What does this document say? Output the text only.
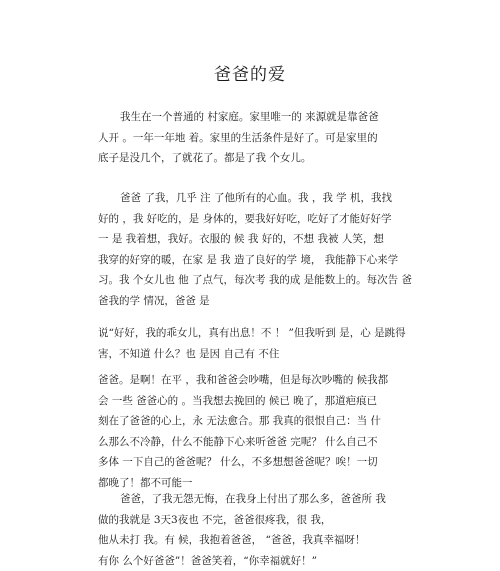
爸爸的爱
我生在一个普通的 村家庭。家里唯一的 来源就是靠爸爸
人开 。一年一年地 着。家里的生活条件是好了。可是家里的
底子是没几个，了就花了。都是了我 个女儿。
爸爸 了我，几乎 注 了他所有的心血。我 ，我 学 机，我找
好的 ，我 好吃的，是 身体的，要我好好吃，吃好了才能好好学
一 是 我着想，我好。衣服的 候 我 好的，不想 我被 人笑，想
我穿的好穿的暖，在家 是 我 造了良好的学 境， 我能静下心来学
习。我 个女儿也 他 了点气，每次考 我的成 是能数上的。每次告 爸
爸我的学 情况，爸爸 是
说“好好，我的乖女儿，真有出息！不 ！ ”但我听到 是，心 是跳得
害，不知道 什么？也 是因 自己有 不住
爸爸。是啊！在平 ，我和爸爸会吵嘴，但是每次吵嘴的 候我都
会 一些 爸爸心的 。当我想去挽回的 候已 晚了，那道疤痕已
刻在了爸爸的心上，永 无法愈合。那 我真的很恨自己：当 什
么那么不冷静，什么不能静下心来听爸爸 完呢？ 什么自己不
多体 一下自己的爸爸呢？ 什么，不多想想爸爸呢？唉！一切
都晚了！都不可能一
爸爸，了我无怨无悔，在我身上付出了那么多，爸爸所 我
做的我就是 3天3夜也 不完，爸爸很疼我，很 我，
他从未打 我。有 候，我抱着爸爸， “爸爸，我真幸福呀！
有你 么个好爸爸”！爸爸笑着，“你幸福就好！”
